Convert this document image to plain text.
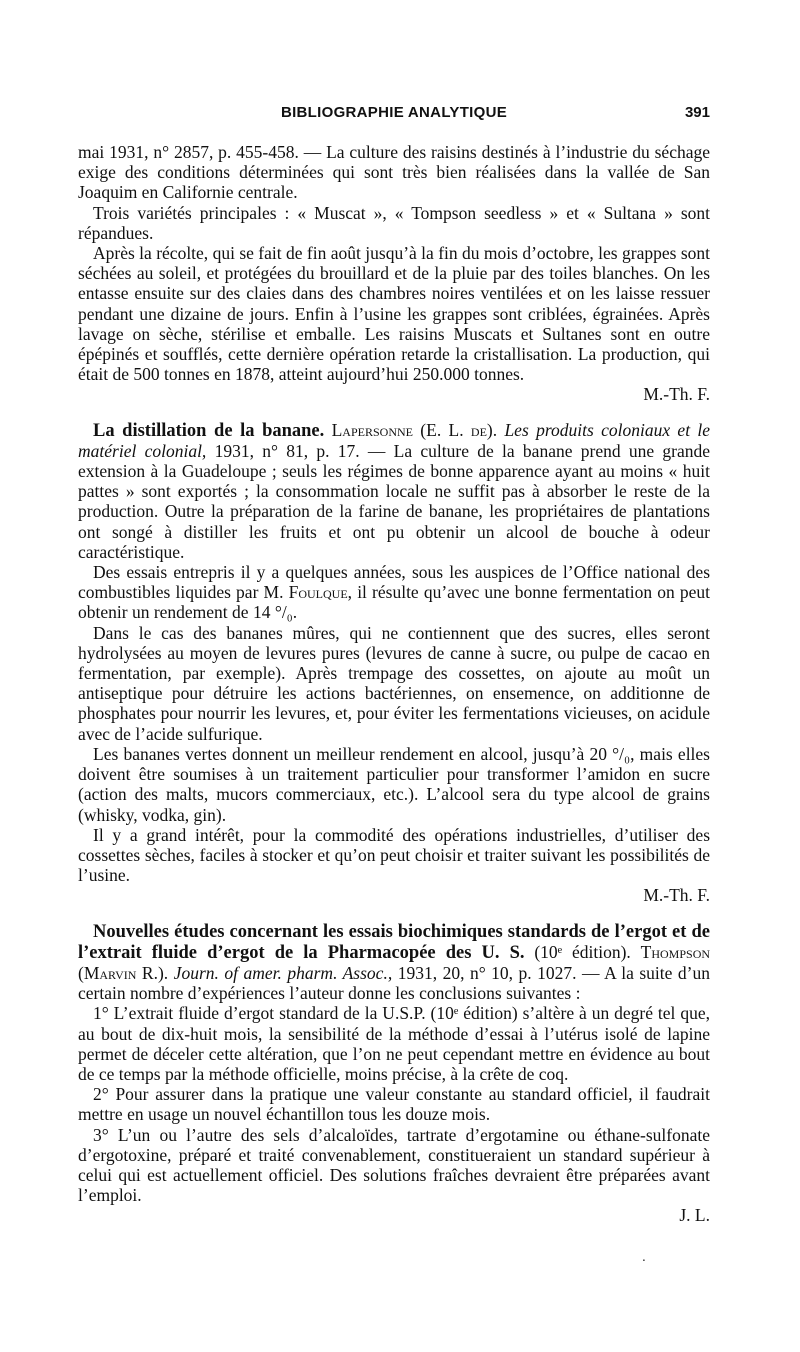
BIBLIOGRAPHIE ANALYTIQUE	391

mai 1931, n° 2857, p. 455-458. — La culture des raisins destinés à l’industrie du séchage exige des conditions déterminées qui sont très bien réalisées dans la vallée de San Joaquim en Californie centrale.

Trois variétés principales : « Muscat », « Tompson seedless » et « Sultana » sont répandues.

Après la récolte, qui se fait de fin août jusqu’à la fin du mois d’octobre, les grappes sont séchées au soleil, et protégées du brouillard et de la pluie par des toiles blanches. On les entasse ensuite sur des claies dans des chambres noires ventilées et on les laisse ressuer pendant une dizaine de jours. Enfin à l’usine les grappes sont criblées, égrainées. Après lavage on sèche, stérilise et emballe. Les raisins Muscats et Sultanes sont en outre épépinés et soufflés, cette dernière opération retarde la cristallisation. La production, qui était de 500 tonnes en 1878, atteint aujourd’hui 250.000 tonnes.
M.-Th. F.

La distillation de la banane. Lapersonne (E. L. de). Les produits coloniaux et le matériel colonial, 1931, n° 81, p. 17. — La culture de la banane prend une grande extension à la Guadeloupe ; seuls les régimes de bonne apparence ayant au moins « huit pattes » sont exportés ; la consommation locale ne suffit pas à absorber le reste de la production. Outre la préparation de la farine de banane, les propriétaires de plantations ont songé à distiller les fruits et ont pu obtenir un alcool de bouche à odeur caractéristique.

Des essais entrepris il y a quelques années, sous les auspices de l’Office national des combustibles liquides par M. Foulque, il résulte qu’avec une bonne fermentation on peut obtenir un rendement de 14 °/₀.

Dans le cas des bananes mûres, qui ne contiennent que des sucres, elles seront hydrolysées au moyen de levures pures (levures de canne à sucre, ou pulpe de cacao en fermentation, par exemple). Après trempage des cossettes, on ajoute au moût un antiseptique pour détruire les actions bactériennes, on ensemence, on additionne de phosphates pour nourrir les levures, et, pour éviter les fermentations vicieuses, on acidule avec de l’acide sulfurique.

Les bananes vertes donnent un meilleur rendement en alcool, jusqu’à 20 °/₀, mais elles doivent être soumises à un traitement particulier pour transformer l’amidon en sucre (action des malts, mucors commerciaux, etc.). L’alcool sera du type alcool de grains (whisky, vodka, gin).

Il y a grand intérêt, pour la commodité des opérations industrielles, d’utiliser des cossettes sèches, faciles à stocker et qu’on peut choisir et traiter suivant les possibilités de l’usine.
M.-Th. F.

Nouvelles études concernant les essais biochimiques standards de l’ergot et de l’extrait fluide d’ergot de la Pharmacopée des U. S. (10ᵉ édition). Thompson (Marvin R.). Journ. of amer. pharm. Assoc., 1931, 20, n° 10, p. 1027. — A la suite d’un certain nombre d’expériences l’auteur donne les conclusions suivantes :

1° L’extrait fluide d’ergot standard de la U.S.P. (10ᵉ édition) s’altère à un degré tel que, au bout de dix-huit mois, la sensibilité de la méthode d’essai à l’utérus isolé de lapine permet de déceler cette altération, que l’on ne peut cependant mettre en évidence au bout de ce temps par la méthode officielle, moins précise, à la crête de coq.

2° Pour assurer dans la pratique une valeur constante au standard officiel, il faudrait mettre en usage un nouvel échantillon tous les douze mois.

3° L’un ou l’autre des sels d’alcaloïdes, tartrate d’ergotamine ou éthane-sulfonate d’ergotoxine, préparé et traité convenablement, constitueraient un standard supérieur à celui qui est actuellement officiel. Des solutions fraîches devraient être préparées avant l’emploi.
J. L.

.
